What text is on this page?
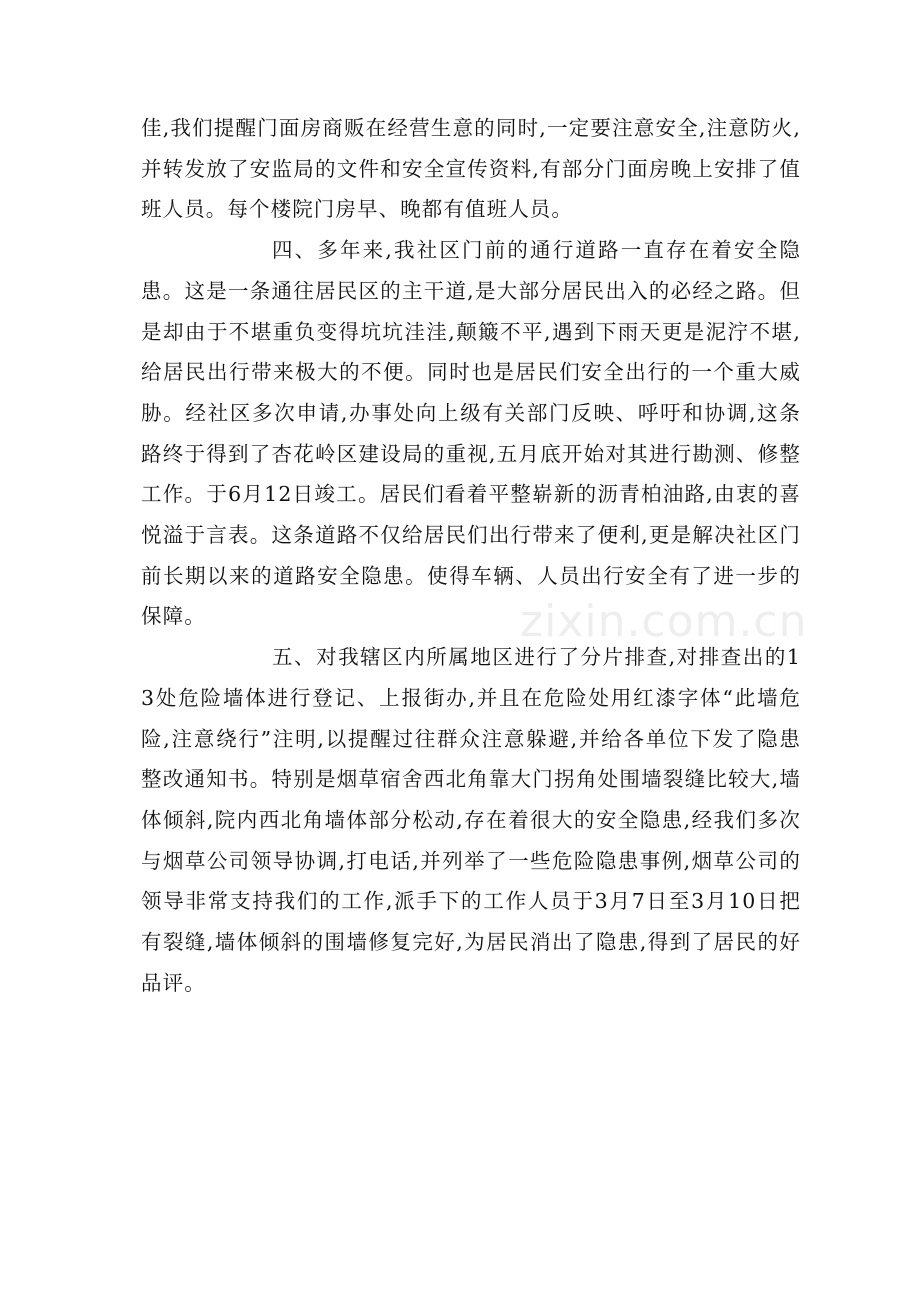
佳,我们提醒门面房商贩在经营生意的同时,一定要注意安全,注意防火,并转发放了安监局的文件和安全宣传资料,有部分门面房晚上安排了值班人员。每个楼院门房早、晚都有值班人员。

四、多年来,我社区门前的通行道路一直存在着安全隐患。这是一条通往居民区的主干道,是大部分居民出入的必经之路。但是却由于不堪重负变得坑坑洼洼,颠簸不平,遇到下雨天更是泥泞不堪,给居民出行带来极大的不便。同时也是居民们安全出行的一个重大威胁。经社区多次申请,办事处向上级有关部门反映、呼吁和协调,这条路终于得到了杏花岭区建设局的重视,五月底开始对其进行勘测、修整工作。于6月12日竣工。居民们看着平整崭新的沥青柏油路,由衷的喜悦溢于言表。这条道路不仅给居民们出行带来了便利,更是解决社区门前长期以来的道路安全隐患。使得车辆、人员出行安全有了进一步的保障。

五、对我辖区内所属地区进行了分片排查,对排查出的13处危险墙体进行登记、上报街办,并且在危险处用红漆字体“此墙危险,注意绕行”注明,以提醒过往群众注意躲避,并给各单位下发了隐患整改通知书。特别是烟草宿舍西北角靠大门拐角处围墙裂缝比较大,墙体倾斜,院内西北角墙体部分松动,存在着很大的安全隐患,经我们多次与烟草公司领导协调,打电话,并列举了一些危险隐患事例,烟草公司的领导非常支持我们的工作,派手下的工作人员于3月7日至3月10日把有裂缝,墙体倾斜的围墙修复完好,为居民消出了隐患,得到了居民的好品评。

zixin.com.cn
